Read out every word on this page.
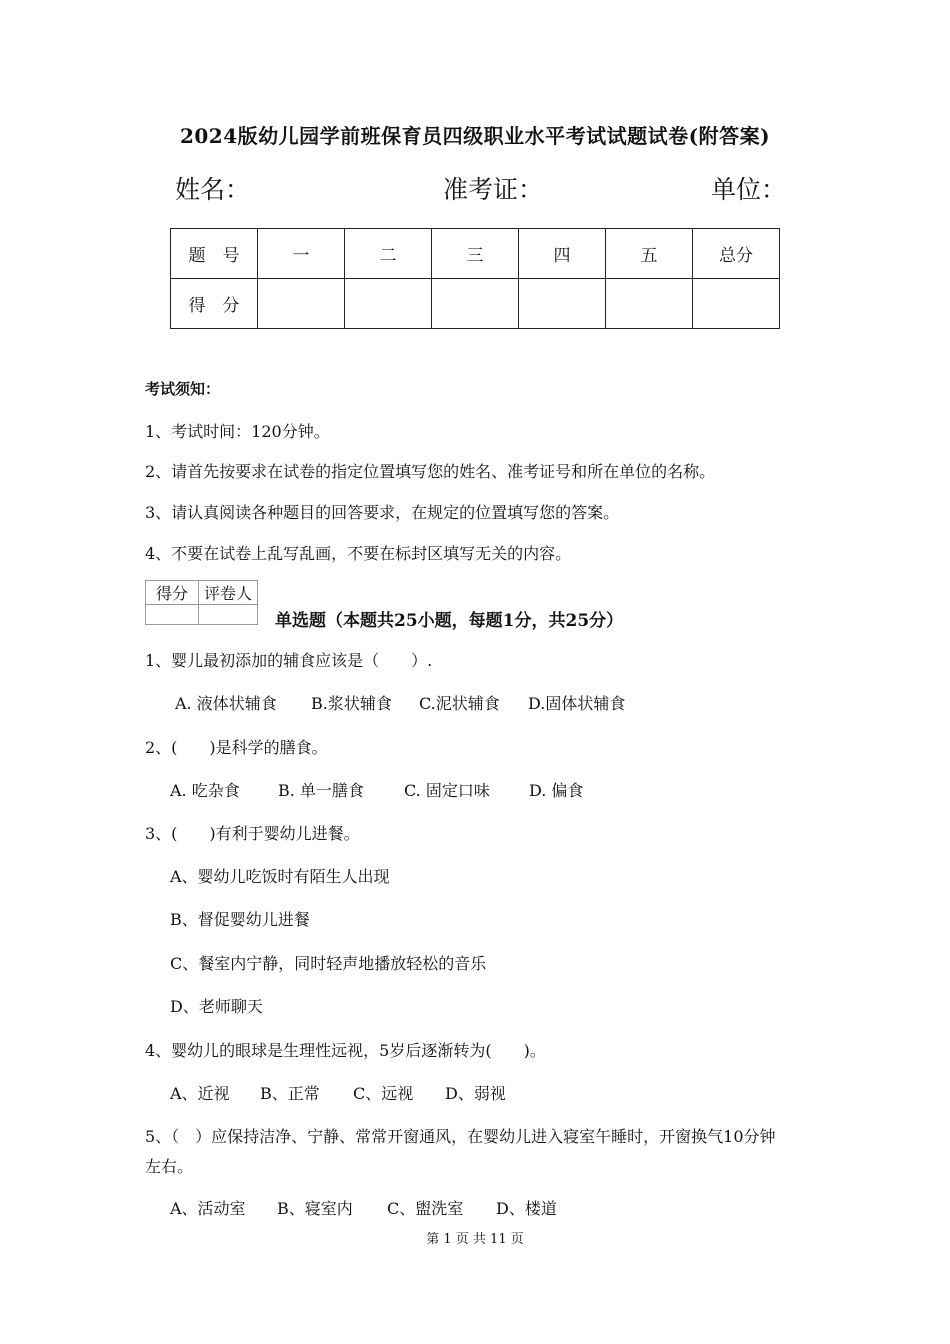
2024版幼儿园学前班保育员四级职业水平考试试题试卷(附答案)
姓名：	准考证：	单位：
题　号	一	二	三	四	五	总分
得　分						
考试须知：
1、考试时间：120分钟。
2、请首先按要求在试卷的指定位置填写您的姓名、准考证号和所在单位的名称。
3、请认真阅读各种题目的回答要求，在规定的位置填写您的答案。
4、不要在试卷上乱写乱画，不要在标封区填写无关的内容。
得分	评卷人

单选题（本题共25小题，每题1分，共25分）
1、婴儿最初添加的辅食应该是（　　）.
A. 液体状辅食 B.浆状辅食 C.泥状辅食 D.固体状辅食
2、(　　)是科学的膳食。
A. 吃杂食 B. 单一膳食	C. 固定口味 D. 偏食
3、(　　)有利于婴幼儿进餐。
A、婴幼儿吃饭时有陌生人出现
B、督促婴幼儿进餐
C、餐室内宁静，同时轻声地播放轻松的音乐
D、老师聊天
4、婴幼儿的眼球是生理性远视，5岁后逐渐转为(　　)。
A、近视 B、正常 C、远视 D、弱视
5、（　）应保持洁净、宁静、常常开窗通风，在婴幼儿进入寝室午睡时，开窗换气10分钟
左右。
A、活动室 B、寝室内 C、盥洗室 D、楼道
第 1 页 共 11 页
